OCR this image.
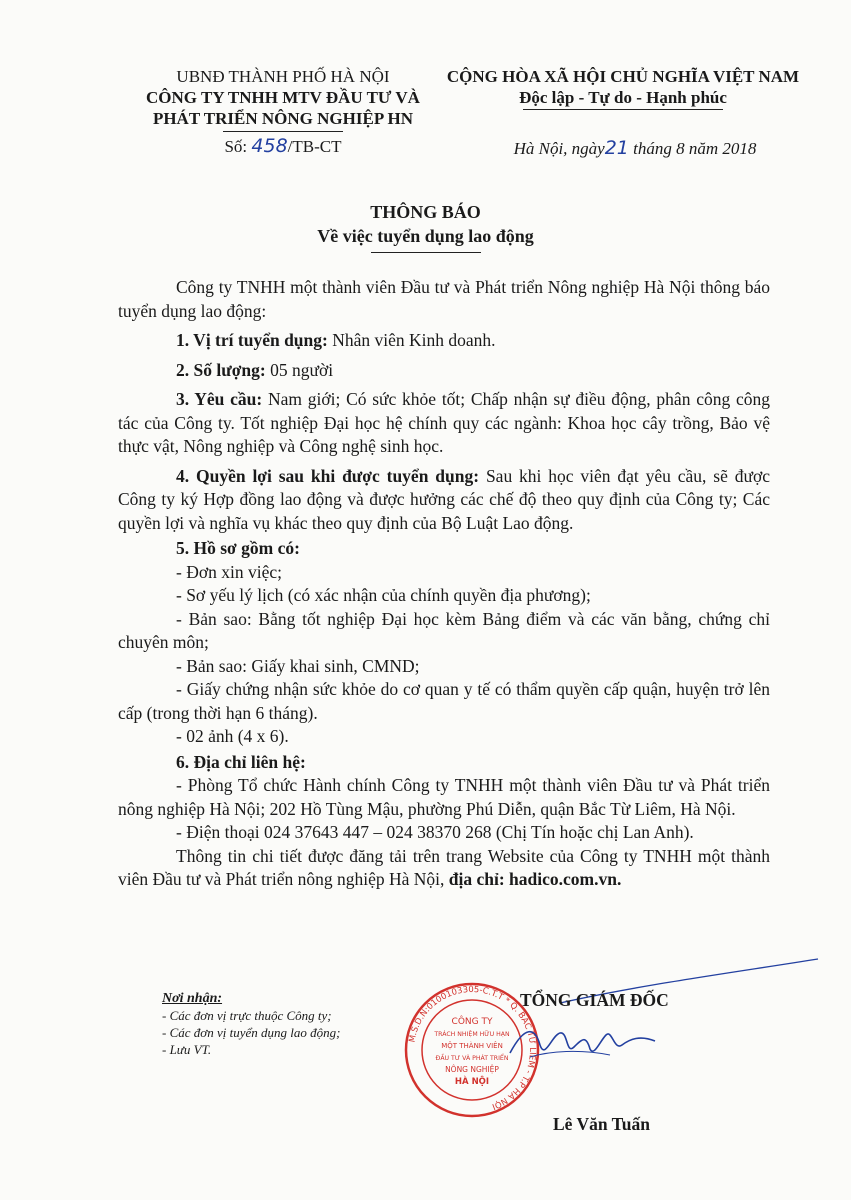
UBNĐ THÀNH PHỐ HÀ NỘI
CÔNG TY TNHH MTV ĐẦU TƯ VÀ
PHÁT TRIỂN NÔNG NGHIỆP HN
Số: 458/TB-CT
CỘNG HÒA XÃ HỘI CHỦ NGHĨA VIỆT NAM
Độc lập - Tự do - Hạnh phúc
Hà Nội, ngày21 tháng 8 năm 2018
THÔNG BÁO
Về việc tuyển dụng lao động

Công ty TNHH một thành viên Đầu tư và Phát triển Nông nghiệp Hà Nội thông báo tuyển dụng lao động:

1. Vị trí tuyển dụng: Nhân viên Kinh doanh.

2. Số lượng: 05 người

3. Yêu cầu: Nam giới; Có sức khỏe tốt; Chấp nhận sự điều động, phân công công tác của Công ty. Tốt nghiệp Đại học hệ chính quy các ngành: Khoa học cây trồng, Bảo vệ thực vật, Nông nghiệp và Công nghệ sinh học.

4. Quyền lợi sau khi được tuyển dụng: Sau khi học viên đạt yêu cầu, sẽ được Công ty ký Hợp đồng lao động và được hưởng các chế độ theo quy định của Công ty; Các quyền lợi và nghĩa vụ khác theo quy định của Bộ Luật Lao động.

5. Hồ sơ gồm có:

- Đơn xin việc;

- Sơ yếu lý lịch (có xác nhận của chính quyền địa phương);

- Bản sao: Bằng tốt nghiệp Đại học kèm Bảng điểm và các văn bằng, chứng chỉ chuyên môn;

- Bản sao: Giấy khai sinh, CMND;

- Giấy chứng nhận sức khỏe do cơ quan y tế có thẩm quyền cấp quận, huyện trở lên cấp (trong thời hạn 6 tháng).

- 02 ảnh (4 x 6).

6. Địa chỉ liên hệ:

- Phòng Tổ chức Hành chính Công ty TNHH một thành viên Đầu tư và Phát triển nông nghiệp Hà Nội; 202 Hồ Tùng Mậu, phường Phú Diễn, quận Bắc Từ Liêm, Hà Nội.

- Điện thoại 024 37643 447 – 024 38370 268 (Chị Tín hoặc chị Lan Anh).

Thông tin chi tiết được đăng tải trên trang Website của Công ty TNHH một thành viên Đầu tư và Phát triển nông nghiệp Hà Nội, địa chỉ: hadico.com.vn.

Nơi nhận:
- Các đơn vị trực thuộc Công ty;
- Các đơn vị tuyển dụng lao động;
- Lưu VT.
M.S.D.N:0100103305-C.T.T * Q. BẮC TỪ LIÊM - T.P HÀ NỘI
CÔNG TY
TRÁCH NHIỆM HỮU HẠN
MỘT THÀNH VIÊN
ĐẦU TƯ VÀ PHÁT TRIỂN
NÔNG NGHIỆP
HÀ NỘI
TỔNG GIÁM ĐỐC
Lê Văn Tuấn
